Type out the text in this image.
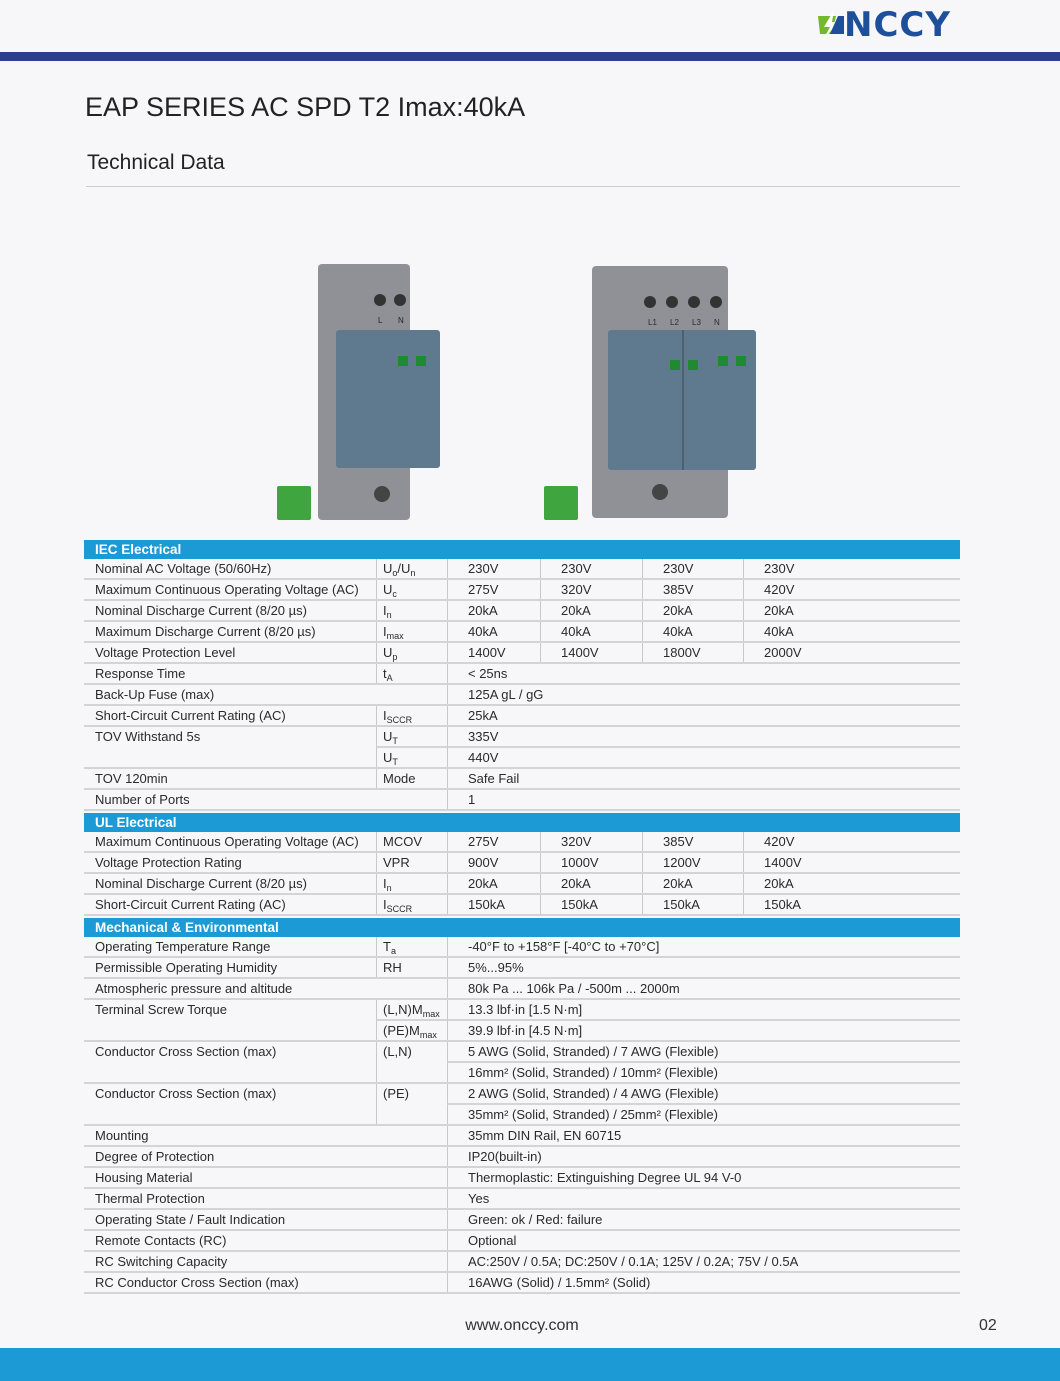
NCCY
EAP SERIES AC SPD T2 Imax:40kA
Technical Data
L N	L1 L2 L3 N
IEC Electrical
Nominal AC Voltage (50/60Hz)	$U_o/U_n$	230V	230V	230V	230V
Maximum Continuous Operating Voltage (AC)	$U_c$	275V	320V	385V	420V
Nominal Discharge Current (8/20 µs)	$I_n$	20kA	20kA	20kA	20kA
Maximum Discharge Current (8/20 µs)	$I_{max}$	40kA	40kA	40kA	40kA
Voltage Protection Level	$U_p$	1400V	1400V	1800V	2000V
Response Time	$t_A$	< 25ns
Back-Up Fuse (max)	125A gL / gG
Short-Circuit Current Rating (AC)	$I_{SCCR}$	25kA
TOV Withstand 5s	$U_T$	335V
$U_T$	440V
TOV 120min	Mode	Safe Fail
Number of Ports	1
UL Electrical
Maximum Continuous Operating Voltage (AC)	MCOV	275V	320V	385V	420V
Voltage Protection Rating	VPR	900V	1000V	1200V	1400V
Nominal Discharge Current (8/20 µs)	$I_n$	20kA	20kA	20kA	20kA
Short-Circuit Current Rating (AC)	$I_{SCCR}$	150kA	150kA	150kA	150kA
Mechanical & Environmental
Operating Temperature Range	$T_a$	-40°F to +158°F [-40°C to +70°C]
Permissible Operating Humidity	RH	5%...95%
Atmospheric pressure and altitude	80k Pa ... 106k Pa / -500m ... 2000m
Terminal Screw Torque	$(L,N)M_{max}$	13.3 lbf·in [1.5 N·m]
$(PE)M_{max}$	39.9 lbf·in [4.5 N·m]
Conductor Cross Section (max)	(L,N)	5 AWG (Solid, Stranded) / 7 AWG (Flexible)
16mm² (Solid, Stranded) / 10mm² (Flexible)
Conductor Cross Section (max)	(PE)	2 AWG (Solid, Stranded) / 4 AWG (Flexible)
35mm² (Solid, Stranded) / 25mm² (Flexible)
Mounting	35mm DIN Rail, EN 60715
Degree of Protection	IP20(built-in)
Housing Material	Thermoplastic: Extinguishing Degree UL 94 V-0
Thermal Protection	Yes
Operating State / Fault Indication	Green: ok / Red: failure
Remote Contacts (RC)	Optional
RC Switching Capacity	AC:250V / 0.5A; DC:250V / 0.1A; 125V / 0.2A; 75V / 0.5A
RC Conductor Cross Section (max)	16AWG (Solid) / 1.5mm² (Solid)
www.onccy.com	02
